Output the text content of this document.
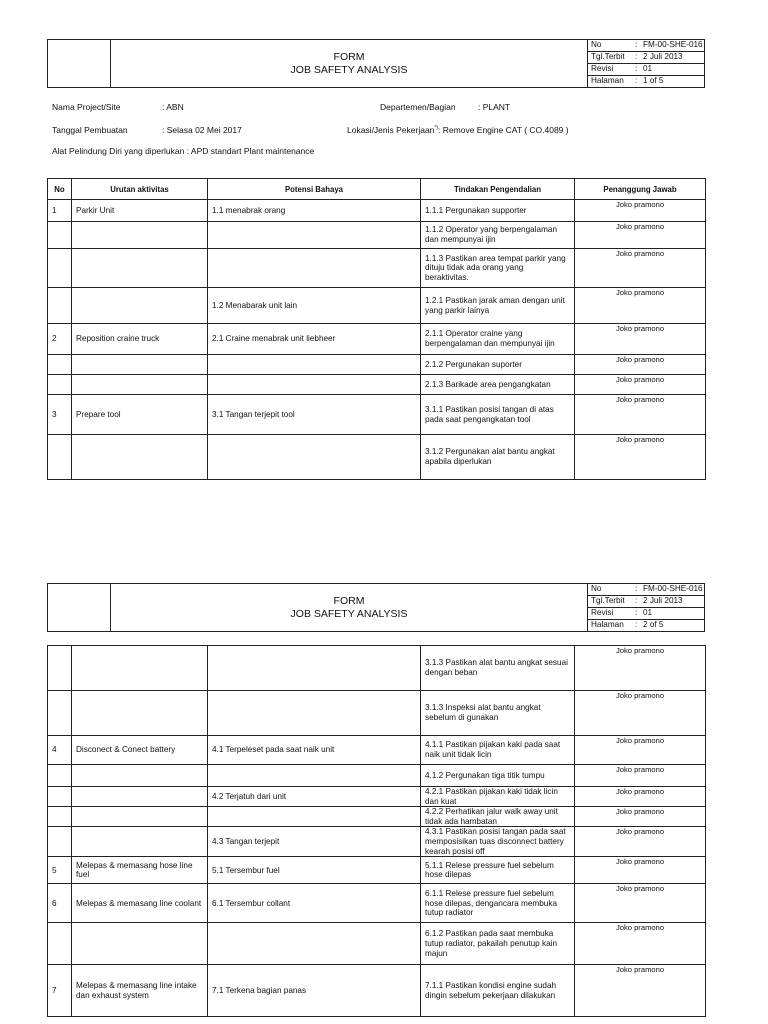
FORM
JOB SAFETY ANALYSIS

No	: FM-00-SHE-016
Tgl.Terbit	: 2 Juli 2013
Revisi	: 01
Halaman	: 1 of 5
Nama Project/Site	: ABN	Departemen/Bagian	: PLANT
Tanggal Pembuatan	: Selasa 02 Mei 2017	Lokasi/Jenis Pekerjaan*): Remove Engine CAT ( CO.4089 )
Alat Pelindung Diri yang diperlukan : APD standart Plant maintenance
No	Urutan aktivitas	Potensi Bahaya	Tindakan Pengendalian	Penanggung Jawab
1	Parkir Unit	1.1 menabrak orang	1.1.1 Pergunakan supporter	Joko pramono
			1.1.2 Operator yang berpengalaman dan mempunyai ijin	Joko pramono
			1.1.3 Pastikan area tempat parkir yang dituju tidak ada orang yang beraktivitas.	Joko pramono
		1.2 Menabarak unit lain	1.2.1 Pastikan jarak aman dengan unit yang parkir lainya	Joko pramono
2	Reposition craine truck	2.1 Craine menabrak unit liebheer	2.1.1 Operator craine yang berpengalaman dan mempunyai ijin	Joko pramono
			2.1.2 Pergunakan suporter	Joko pramono
			2.1.3 Barikade area pengangkatan	Joko pramono
3	Prepare tool	3.1 Tangan terjepit tool	3.1.1 Pastikan posisi tangan di atas pada saat pengangkatan tool	Joko pramono
			3.1.2 Pergunakan alat bantu angkat apabila diperlukan	Joko pramono

FORM
JOB SAFETY ANALYSIS

No	: FM-00-SHE-016
Tgl.Terbit	: 2 Juli 2013
Revisi	: 01
Halaman	: 2 of 5
			3.1.3 Pastikan alat bantu angkat sesuai dengan beban	Joko pramono
			3.1.3 Inspeksi alat bantu angkat sebelum di gunakan	Joko pramono
4	Disconect & Conect battery	4.1 Terpeleset pada saat naik unit	4.1.1 Pastikan pijakan kaki pada saat naik unit tidak licin	Joko pramono
			4.1.2 Pergunakan tiga titik tumpu	Joko pramono
		4.2 Terjatuh dari unit	4.2.1 Pastikan pijakan kaki tidak licin dan kuat	Joko pramono
			4.2.2 Perhatikan jalur walk away unit tidak ada hambatan	Joko pramono
		4.3 Tangan terjepit	4.3.1 Pastikan posisi tangan pada saat memposisikan tuas disconnect battery kearah posisi off	Joko pramono
5	Melepas & memasang hose line fuel	5.1 Tersembur fuel	5.1.1 Relese pressure fuel sebelum hose dilepas	Joko pramono
6	Melepas & memasang line coolant	6.1 Tersembur collant	6.1.1 Relese pressure fuel sebelum hose dilepas, dengancara membuka tutup radiator	Joko pramono
			6.1.2 Pastikan pada saat membuka tutup radiator, pakailah penutup kain majun	Joko pramono
7	Melepas & memasang line intake dan exhaust system	7.1 Terkena bagian panas	7.1.1 Pastikan kondisi engine sudah dingin sebelum pekerjaan dilakukan	Joko pramono
